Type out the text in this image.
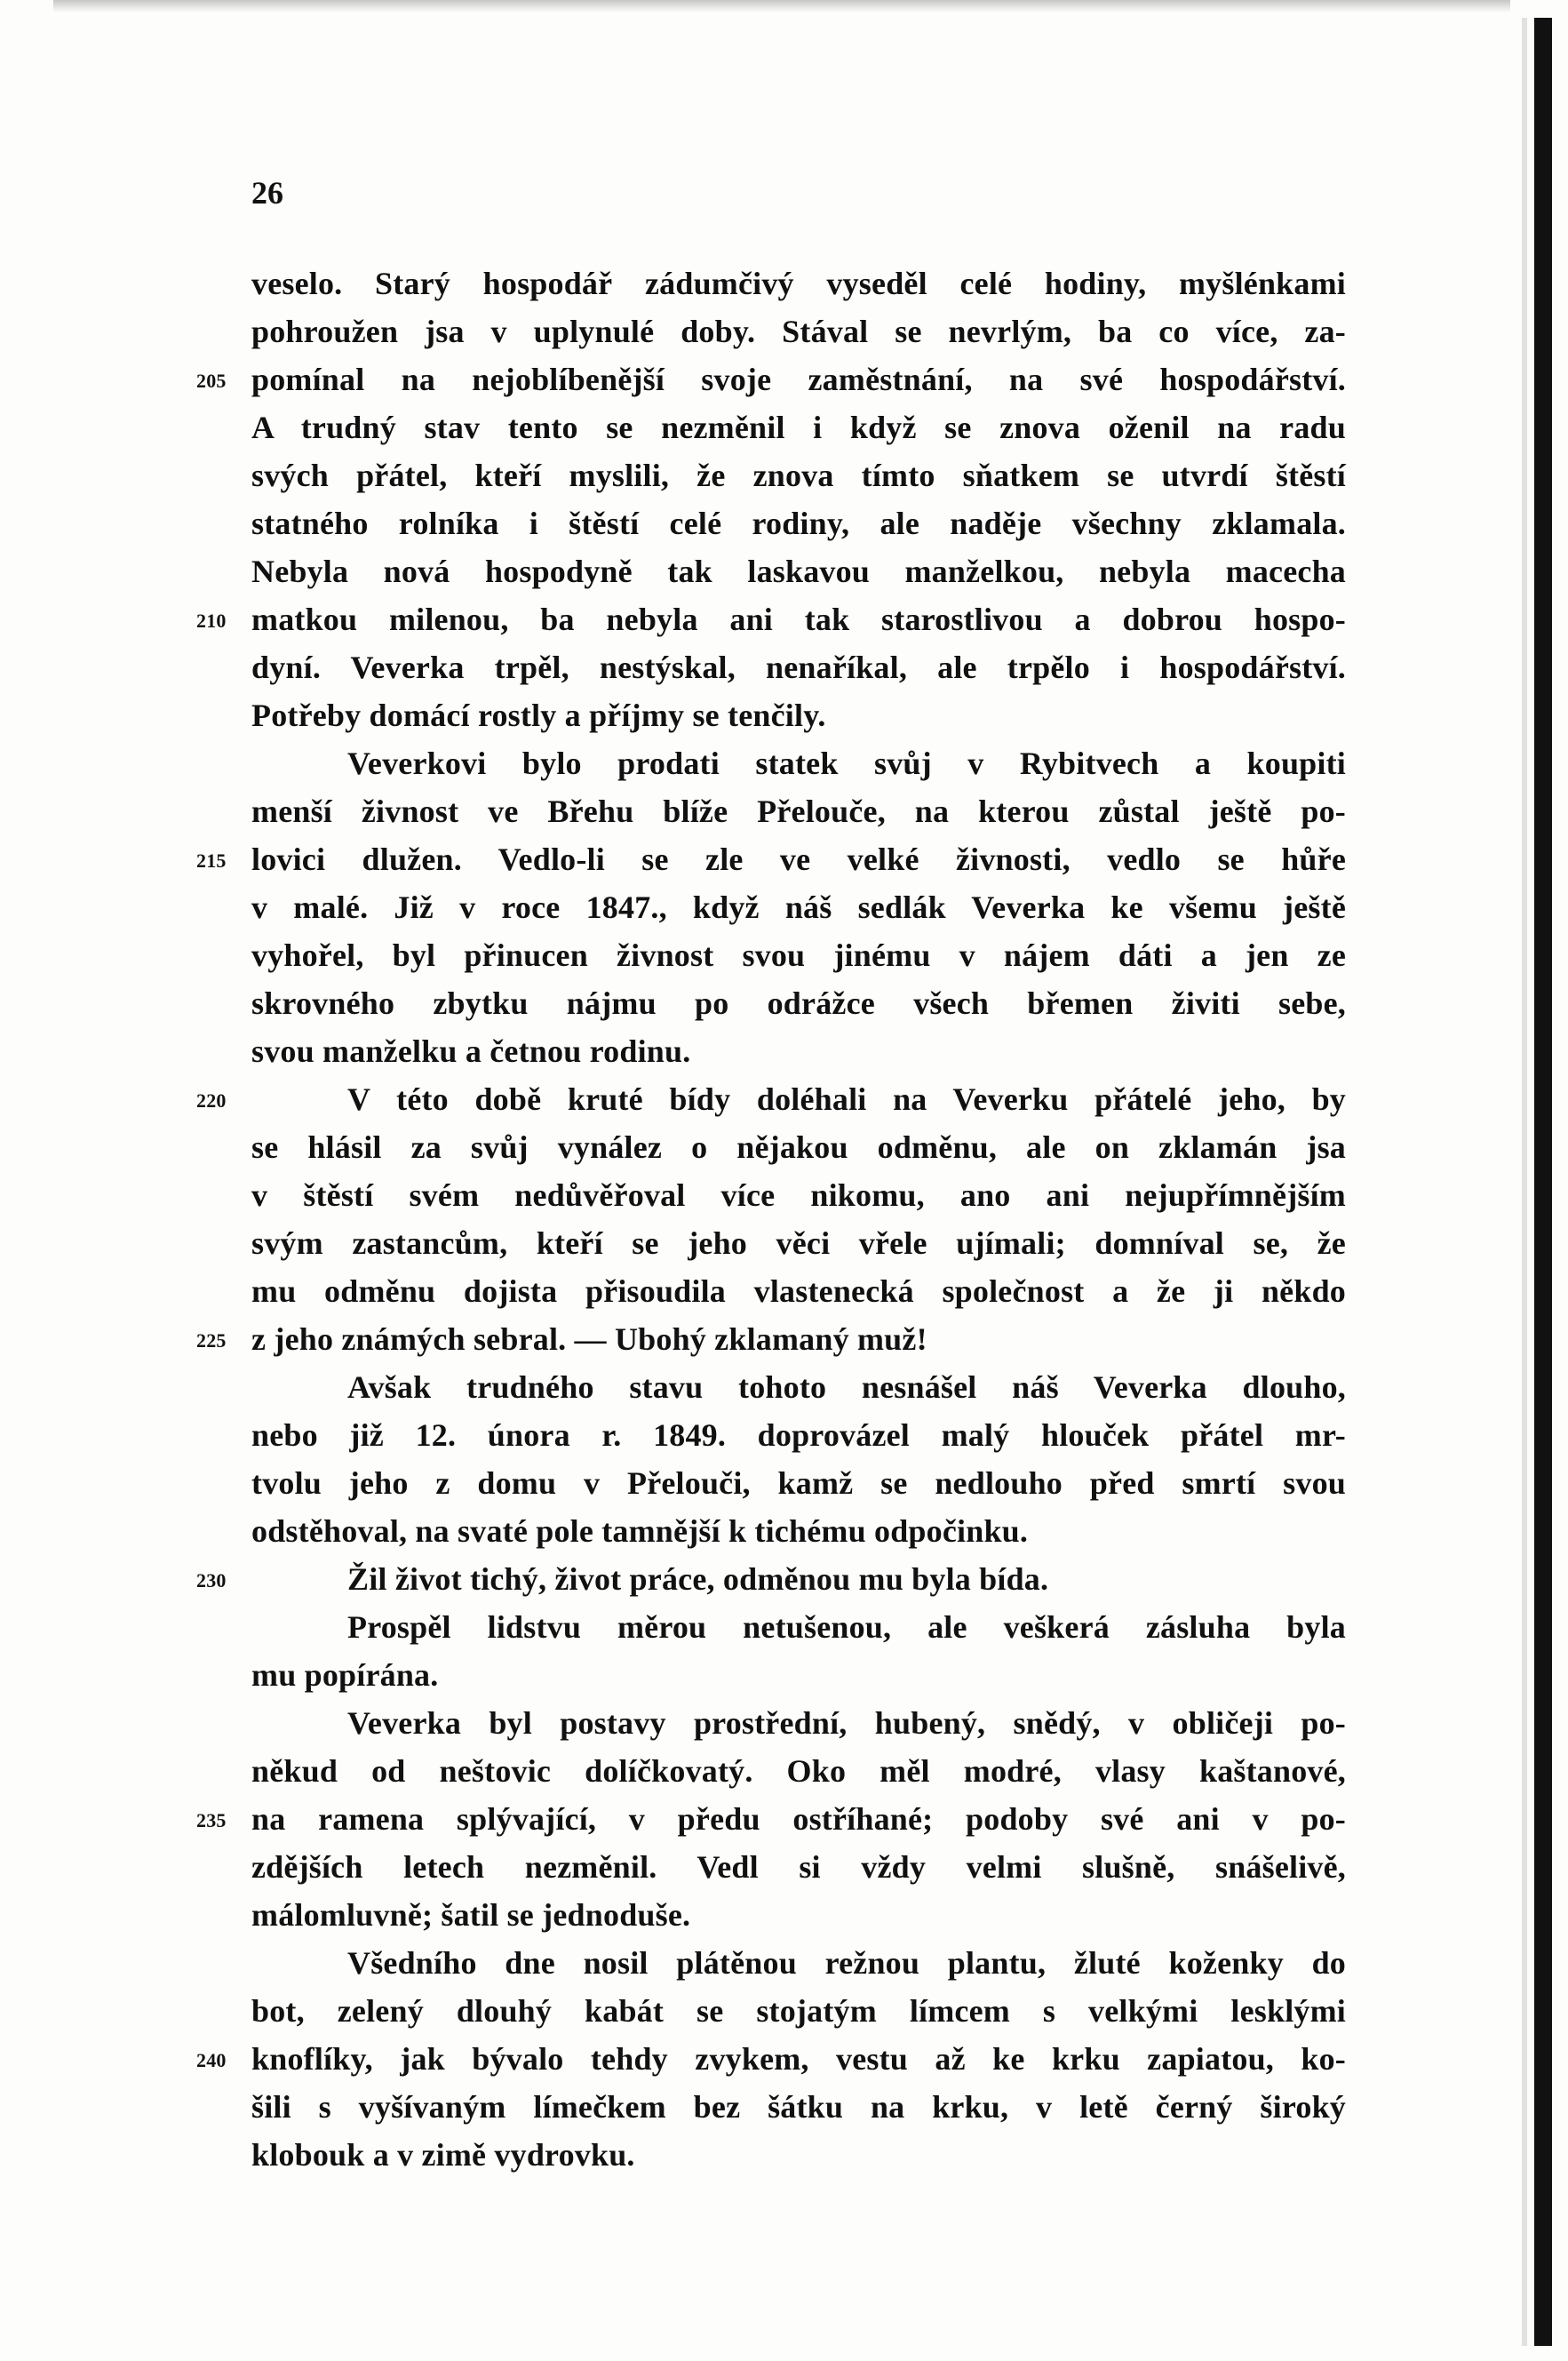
26
veselo. Starý hospodář zádumčivý vyseděl celé hodiny, myšlénkami
pohroužen jsa v uplynulé doby. Stával se nevrlým, ba co více, za-
pomínal na nejoblíbenější svoje zaměstnání, na své hospodářství.
205
A trudný stav tento se nezměnil i když se znova oženil na radu
svých přátel, kteří myslili, že znova tímto sňatkem se utvrdí štěstí
statného rolníka i štěstí celé rodiny, ale naděje všechny zklamala.
Nebyla nová hospodyně tak laskavou manželkou, nebyla macecha
matkou milenou, ba nebyla ani tak starostlivou a dobrou hospo-
210
dyní. Veverka trpěl, nestýskal, nenaříkal, ale trpělo i hospodářství.
Potřeby domácí rostly a příjmy se tenčily.
Veverkovi bylo prodati statek svůj v Rybitvech a koupiti
menší živnost ve Břehu blíže Přelouče, na kterou zůstal ještě po-
lovici dlužen. Vedlo-li se zle ve velké živnosti, vedlo se hůře
215
v malé. Již v roce 1847., když náš sedlák Veverka ke všemu ještě
vyhořel, byl přinucen živnost svou jinému v nájem dáti a jen ze
skrovného zbytku nájmu po odrážce všech břemen živiti sebe,
svou manželku a četnou rodinu.
V této době kruté bídy doléhali na Veverku přátelé jeho, by
220
se hlásil za svůj vynález o nějakou odměnu, ale on zklamán jsa
v štěstí svém nedůvěřoval více nikomu, ano ani nejupřímnějším
svým zastancům, kteří se jeho věci vřele ujímali; domníval se, že
mu odměnu dojista přisoudila vlastenecká společnost a že ji někdo
z jeho známých sebral. — Ubohý zklamaný muž!
225
Avšak trudného stavu tohoto nesnášel náš Veverka dlouho,
nebo již 12. února r. 1849. doprovázel malý hlouček přátel mr-
tvolu jeho z domu v Přelouči, kamž se nedlouho před smrtí svou
odstěhoval, na svaté pole tamnější k tichému odpočinku.
Žil život tichý, život práce, odměnou mu byla bída.
230
Prospěl lidstvu měrou netušenou, ale veškerá zásluha byla
mu popírána.
Veverka byl postavy prostřední, hubený, snědý, v obličeji po-
někud od neštovic dolíčkovatý. Oko měl modré, vlasy kaštanové,
na ramena splývající, v předu ostříhané; podoby své ani v po-
235
zdějších letech nezměnil. Vedl si vždy velmi slušně, snášelivě,
málomluvně; šatil se jednoduše.
Všedního dne nosil plátěnou režnou plantu, žluté koženky do
bot, zelený dlouhý kabát se stojatým límcem s velkými lesklými
knoflíky, jak bývalo tehdy zvykem, vestu až ke krku zapiatou, ko-
240
šili s vyšívaným límečkem bez šátku na krku, v letě černý široký
klobouk a v zimě vydrovku.
